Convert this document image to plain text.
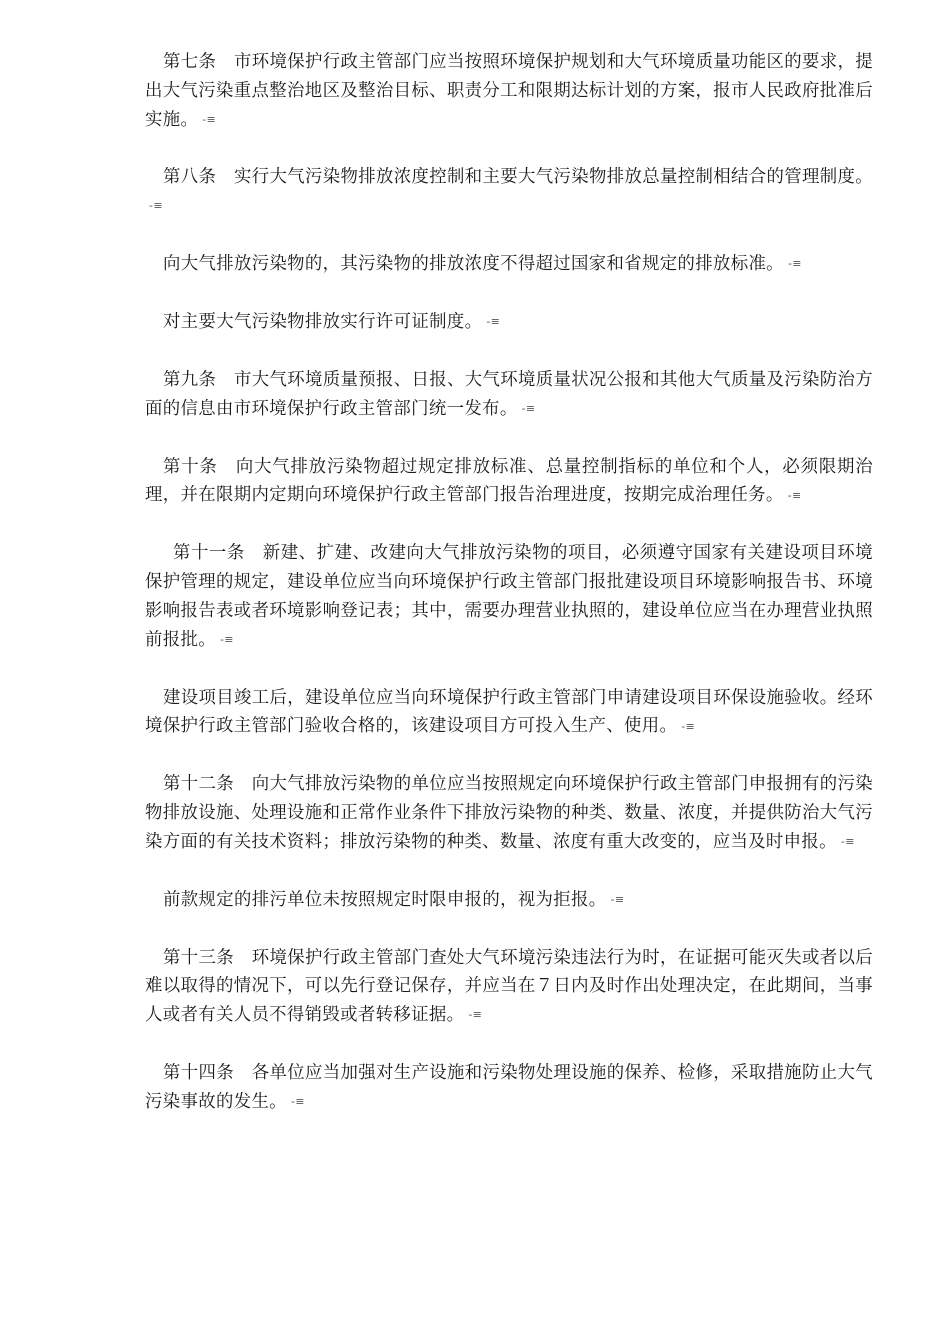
第七条　市环境保护行政主管部门应当按照环境保护规划和大气环境质量功能区的要求，提出大气污染重点整治地区及整治目标、职责分工和限期达标计划的方案，报市人民政府批准后实施。 -≡

第八条　实行大气污染物排放浓度控制和主要大气污染物排放总量控制相结合的管理制度。-≡

向大气排放污染物的，其污染物的排放浓度不得超过国家和省规定的排放标准。 -≡

对主要大气污染物排放实行许可证制度。 -≡

第九条　市大气环境质量预报、日报、大气环境质量状况公报和其他大气质量及污染防治方面的信息由市环境保护行政主管部门统一发布。 -≡

第十条　向大气排放污染物超过规定排放标准、总量控制指标的单位和个人，必须限期治理，并在限期内定期向环境保护行政主管部门报告治理进度，按期完成治理任务。 -≡

第十一条　新建、扩建、改建向大气排放污染物的项目，必须遵守国家有关建设项目环境保护管理的规定，建设单位应当向环境保护行政主管部门报批建设项目环境影响报告书、环境影响报告表或者环境影响登记表；其中，需要办理营业执照的，建设单位应当在办理营业执照前报批。 -≡

建设项目竣工后，建设单位应当向环境保护行政主管部门申请建设项目环保设施验收。经环境保护行政主管部门验收合格的，该建设项目方可投入生产、使用。 -≡

第十二条　向大气排放污染物的单位应当按照规定向环境保护行政主管部门申报拥有的污染物排放设施、处理设施和正常作业条件下排放污染物的种类、数量、浓度，并提供防治大气污染方面的有关技术资料；排放污染物的种类、数量、浓度有重大改变的，应当及时申报。 -≡

前款规定的排污单位未按照规定时限申报的，视为拒报。 -≡

第十三条　环境保护行政主管部门查处大气环境污染违法行为时，在证据可能灭失或者以后难以取得的情况下，可以先行登记保存，并应当在７日内及时作出处理决定，在此期间，当事人或者有关人员不得销毁或者转移证据。 -≡

第十四条　各单位应当加强对生产设施和污染物处理设施的保养、检修，采取措施防止大气污染事故的发生。 -≡
